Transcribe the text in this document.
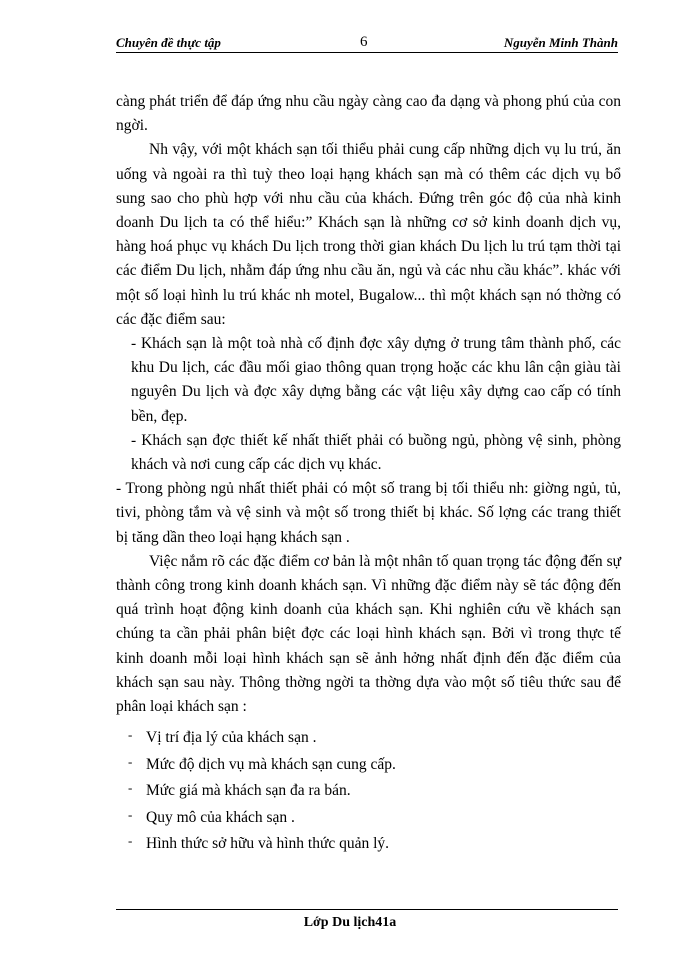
Chuyên đề thực tập	6	Nguyễn Minh Thành

càng phát triển để đáp ứng nhu cầu ngày càng cao đa dạng và phong phú của con ngời.

Nh vậy, với một khách sạn tối thiểu phải cung cấp những dịch vụ lu trú, ăn uống và ngoài ra thì tuỳ theo loại hạng khách sạn mà có thêm các dịch vụ bổ sung sao cho phù hợp với nhu cầu của khách. Đứng trên góc độ của nhà kinh doanh Du lịch ta có thể hiểu:” Khách sạn là những cơ sở kinh doanh dịch vụ, hàng hoá phục vụ khách Du lịch trong thời gian khách Du lịch lu trú tạm thời tại các điểm Du lịch, nhằm đáp ứng nhu cầu ăn, ngủ và các nhu cầu khác”. khác với một số loại hình lu trú khác nh motel, Bugalow... thì một khách sạn nó thờng có các đặc điểm sau:

- Khách sạn là một toà nhà cố định đợc xây dựng ở trung tâm thành phố, các khu Du lịch, các đầu mối giao thông quan trọng hoặc các khu lân cận giàu tài nguyên Du lịch và đợc xây dựng bằng các vật liệu xây dựng cao cấp có tính bền, đẹp.

- Khách sạn đợc thiết kế nhất thiết phải có buồng ngủ, phòng vệ sinh, phòng khách và nơi cung cấp các dịch vụ khác.

- Trong phòng ngủ nhất thiết phải có một số trang bị tối thiểu nh: giờng ngủ, tủ, tivi, phòng tắm và vệ sinh và một số trong thiết bị khác. Số lợng các trang thiết bị tăng dần theo loại hạng khách sạn .

Việc nắm rõ các đặc điểm cơ bản là một nhân tố quan trọng tác động đến sự thành công trong kinh doanh khách sạn. Vì những đặc điểm này sẽ tác động đến quá trình hoạt động kinh doanh của khách sạn. Khi nghiên cứu về khách sạn chúng ta cần phải phân biệt đợc các loại hình khách sạn. Bởi vì trong thực tế kinh doanh mỗi loại hình khách sạn sẽ ảnh hởng nhất định đến đặc điểm của khách sạn sau này. Thông thờng ngời ta thờng dựa vào một số tiêu thức sau để phân loại khách sạn :

- Vị trí địa lý của khách sạn .
- Mức độ dịch vụ mà khách sạn cung cấp.
- Mức giá mà khách sạn đa ra bán.
- Quy mô của khách sạn .
- Hình thức sở hữu và hình thức quản lý.
Lớp Du lịch41a
